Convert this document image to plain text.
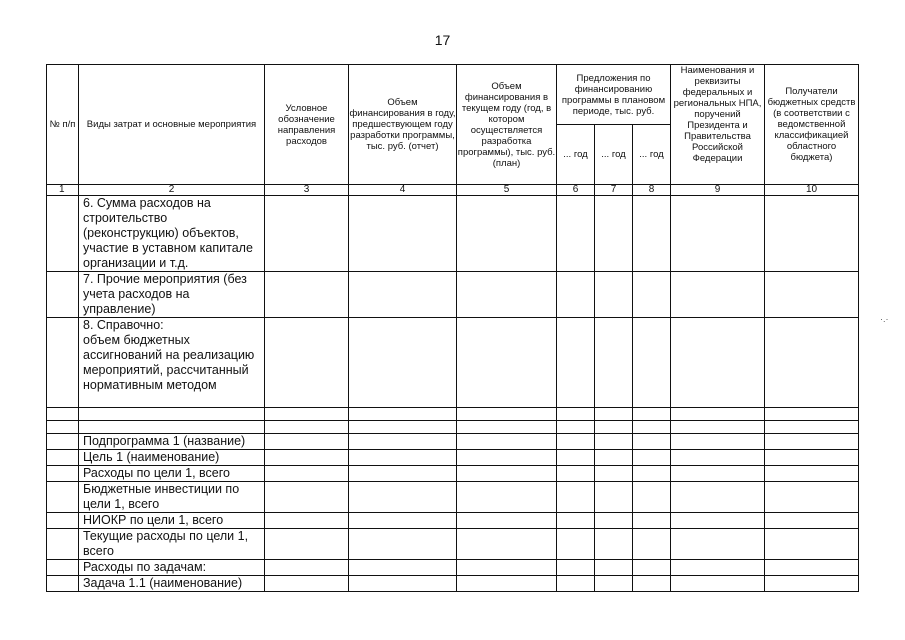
17
·.·
№ п/п	Виды затрат и основные мероприятия	Условное обозначение направления расходов	Объем финансирования в году, предшествующем году разработки программы, тыс. руб. (отчет)	Объем финансирования в текущем году (год, в котором осуществляется разработка программы), тыс. руб. (план)	Предложения по финансированию программы в плановом периоде, тыс. руб.			Наименования и реквизиты федеральных и региональных НПА, поручений Президента и Правительства Российской Федерации	Получатели бюджетных средств (в соответствии с ведомственной классификацией областного бюджета)
					... год	... год	... год		
1	2	3	4	5	6	7	8	9	10
	6. Сумма расходов на строительство (реконструкцию) объектов, участие в уставном капитале организации и т.д.								
	7. Прочие мероприятия (без учета расходов на управление)								
	8. Справочно:
объем бюджетных ассигнований на реализацию мероприятий, рассчитанный нормативным методом								

	Подпрограмма 1 (название)								
	Цель 1 (наименование)								
	Расходы по цели 1, всего								
	Бюджетные инвестиции по цели 1, всего								
	НИОКР по цели 1, всего								
	Текущие расходы по цели 1, всего								
	Расходы по задачам:								
	Задача 1.1 (наименование)								
